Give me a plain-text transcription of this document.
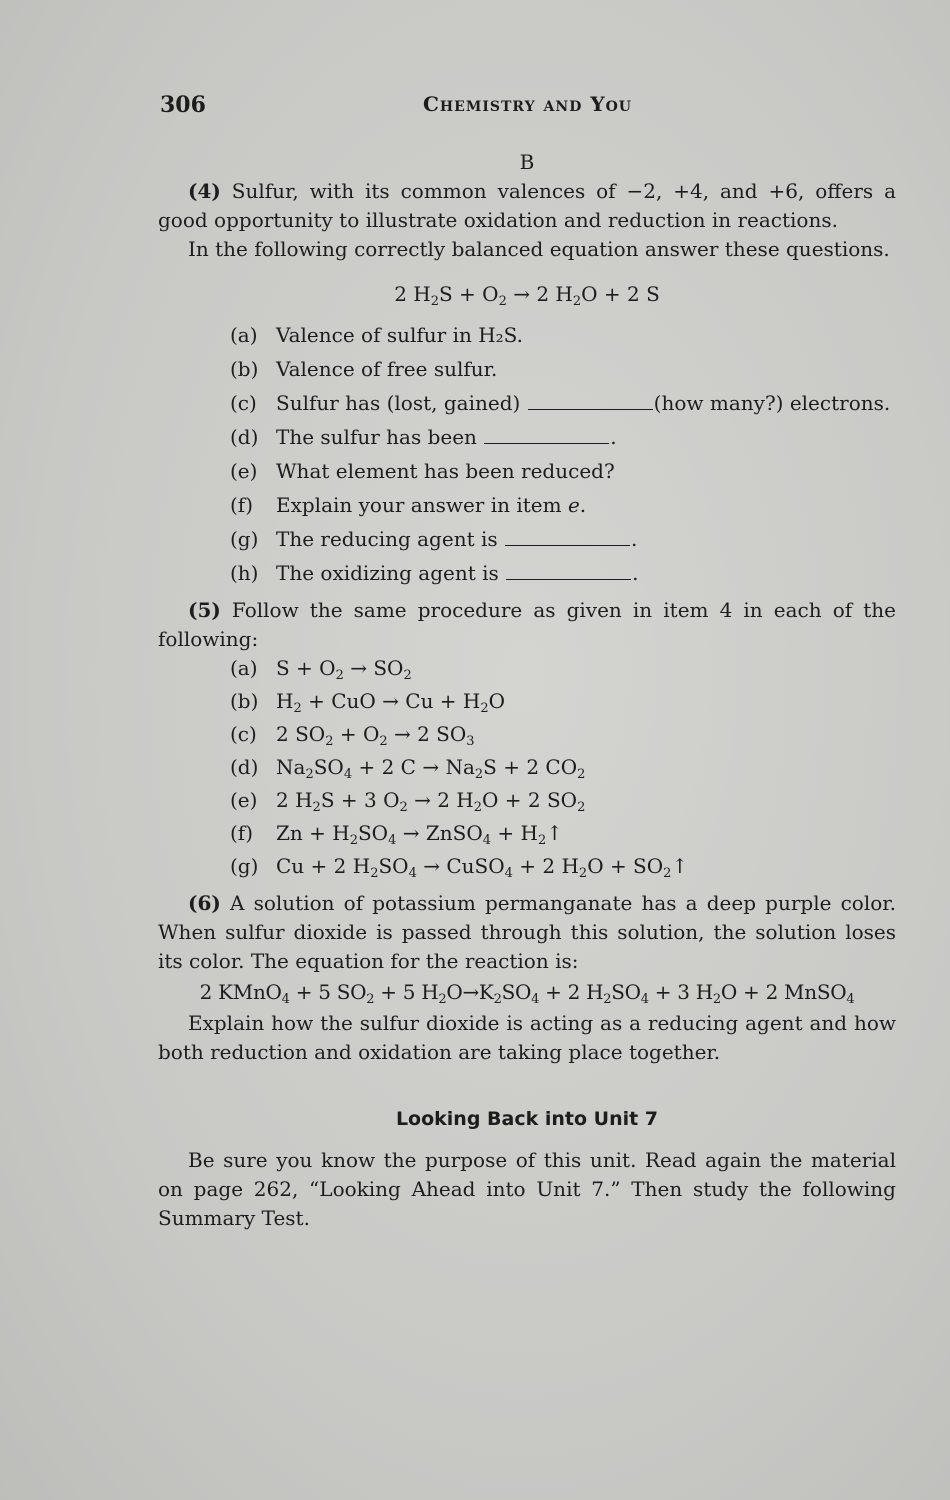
306	Chemistry and You
B

(4) Sulfur, with its common valences of −2, +4, and +6, offers a good opportunity to illustrate oxidation and reduction in reactions.

In the following correctly balanced equation answer these questions.

2 $H_2S + O_2 \to 2$ $H_2O + 2$ S
(a) Valence of sulfur in H₂S.
(b) Valence of free sulfur.
(c) Sulfur has (lost, gained)	(how many?) electrons.
(d) The sulfur has been	.
(e) What element has been reduced?
(f)	Explain your answer in item e.
(g) The reducing agent is	.
(h) The oxidizing agent is	.

(5) Follow the same procedure as given in item 4 in each of the following:

(a) $S + O_2 \to SO_2$
(b) $H_2$ + CuO → $Cu + H_2O$
(c) 2 $SO_2 + O_2 \to 2$ $SO_3$
(d) $Na_2SO_4 + 2$ $C \to Na_2S + 2$ $CO_2$
(e) 2 $H_2S + 3$ $O_2 \to 2$ $H_2O + 2$ $SO_2$
(f)	$Zn + H_2SO_4$ → ZnSO$_4$ + $H_2↑$
(g) Cu + 2 $H_2SO_4$ → CuSO$_4$ + 2 $H_2O$ + $SO_2↑$

(6) A solution of potassium permanganate has a deep purple color. When sulfur dioxide is passed through this solution, the solution loses its color. The equation for the reaction is:

2 KMnO$_4$ + 5 $SO_2 + 5$ $H_2O\to K_2SO_4 + 2$ $H_2SO_4 + 3$ $H_2O + 2$ MnSO$_4$

Explain how the sulfur dioxide is acting as a reducing agent and how both reduction and oxidation are taking place together.

Looking Back into Unit 7

Be sure you know the purpose of this unit. Read again the material on page 262, “Looking Ahead into Unit 7.” Then study the following Summary Test.
